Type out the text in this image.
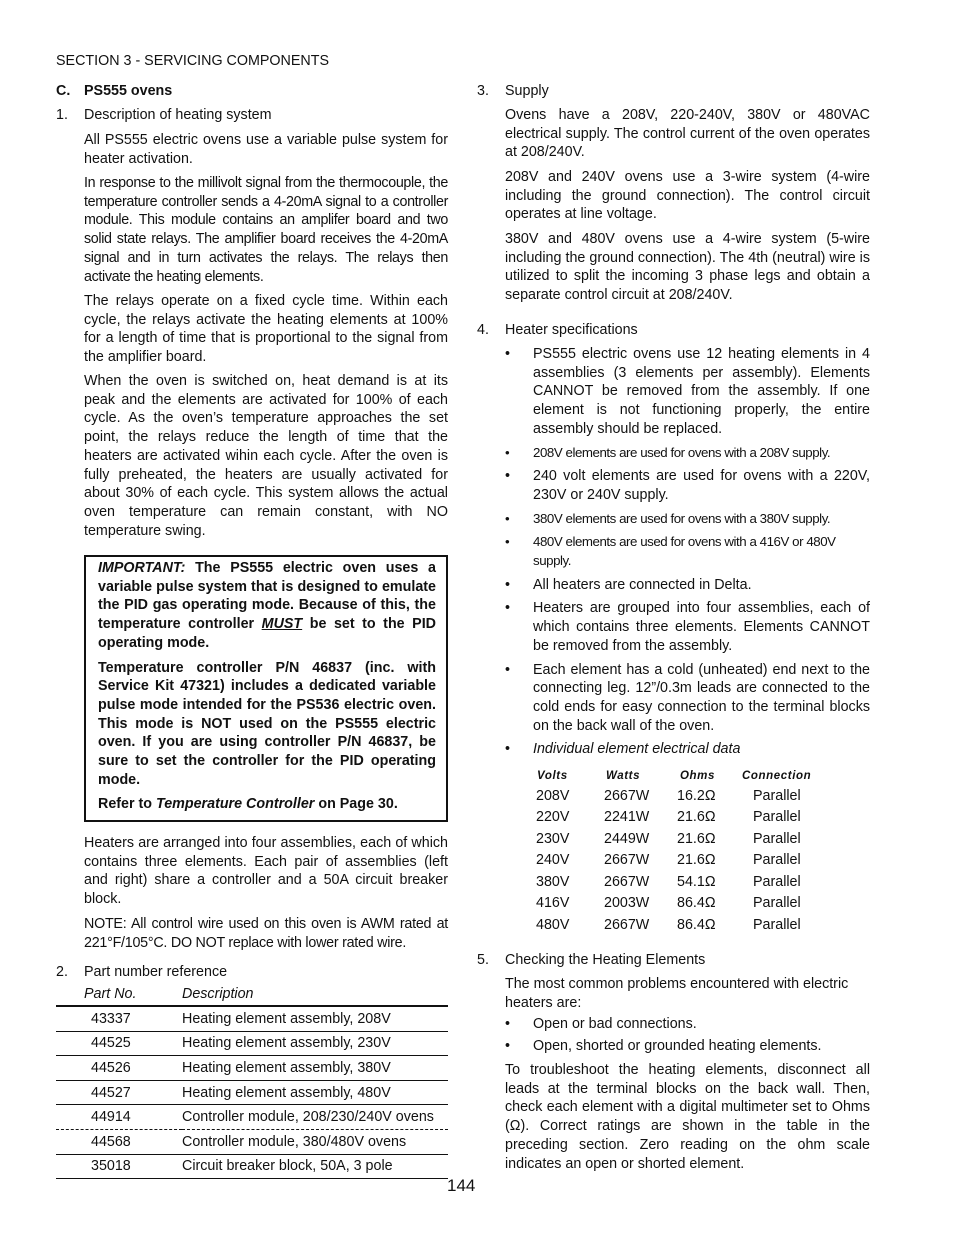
SECTION 3 - SERVICING COMPONENTS
C. PS555 ovens
1. Description of heating system

All PS555 electric ovens use a variable pulse system for heater activation.

In response to the millivolt signal from the thermocouple, the temperature controller sends a 4-20mA signal to a controller module. This module contains an amplifer board and two solid state relays. The amplifier board receives the 4-20mA signal and in turn activates the relays. The relays then activate the heating elements.

The relays operate on a fixed cycle time. Within each cycle, the relays activate the heating elements at 100% for a length of time that is proportional to the signal from the amplifier board.

When the oven is switched on, heat demand is at its peak and the elements are activated for 100% of each cycle. As the oven’s temperature approaches the set point, the relays reduce the length of time that the heaters are activated wihin each cycle. After the oven is fully preheated, the heaters are usually activated for about 30% of each cycle. This system allows the actual oven temperature can remain constant, with NO temperature swing.

IMPORTANT: The PS555 electric oven uses a variable pulse system that is designed to emulate the PID gas operating mode. Because of this, the temperature controller MUST be set to the PID operating mode.

Temperature controller P/N 46837 (inc. with Service Kit 47321) includes a dedicated variable pulse mode intended for the PS536 electric oven. This mode is NOT used on the PS555 electric oven. If you are using controller P/N 46837, be sure to set the controller for the PID operating mode.

Refer to Temperature Controller on Page 30.

Heaters are arranged into four assemblies, each of which contains three elements. Each pair of assemblies (left and right) share a controller and a 50A circuit breaker block.

NOTE: All control wire used on this oven is AWM rated at 221°F/105°C. DO NOT replace with lower rated wire.

2. Part number reference
Part No.	Description
43337	Heating element assembly, 208V
44525	Heating element assembly, 230V
44526	Heating element assembly, 380V
44527	Heating element assembly, 480V
44914	Controller module, 208/230/240V ovens
44568	Controller module, 380/480V ovens
35018	Circuit breaker block, 50A, 3 pole
3. Supply

Ovens have a 208V, 220-240V, 380V or 480VAC electrical supply. The control current of the oven operates at 208/240V.

208V and 240V ovens use a 3-wire system (4-wire including the ground connection). The control circuit operates at line voltage.

380V and 480V ovens use a 4-wire system (5-wire including the ground connection). The 4th (neutral) wire is utilized to split the incoming 3 phase legs and obtain a separate control circuit at 208/240V.

4. Heater specifications

• PS555 electric ovens use 12 heating elements in 4 assemblies (3 elements per assembly). Elements CANNOT be removed from the assembly. If one element is not functioning properly, the entire assembly should be replaced.

• 208V elements are used for ovens with a 208V supply.

• 240 volt elements are used for ovens with a 220V, 230V or 240V supply.

• 380V elements are used for ovens with a 380V supply.

• 480V elements are used for ovens with a 416V or 480V supply.

• All heaters are connected in Delta.

• Heaters are grouped into four assemblies, each of which contains three elements. Elements CANNOT be removed from the assembly.

• Each element has a cold (unheated) end next to the connecting leg. 12”/0.3m leads are connected to the cold ends for easy connection to the terminal blocks on the back wall of the oven.

• Individual element electrical data

Volts	Watts	Ohms	Connection
208V	2667W	16.2Ω	Parallel
220V	2241W	21.6Ω	Parallel
230V	2449W	21.6Ω	Parallel
240V	2667W	21.6Ω	Parallel
380V	2667W	54.1Ω	Parallel
416V	2003W	86.4Ω	Parallel
480V	2667W	86.4Ω	Parallel
5. Checking the Heating Elements

The most common problems encountered with electric heaters are:

• Open or bad connections.

• Open, shorted or grounded heating elements.

To troubleshoot the heating elements, disconnect all leads at the terminal blocks on the back wall. Then, check each element with a digital multimeter set to Ohms (Ω). Correct ratings are shown in the table in the preceding section. Zero reading on the ohm scale indicates an open or shorted element.

144
